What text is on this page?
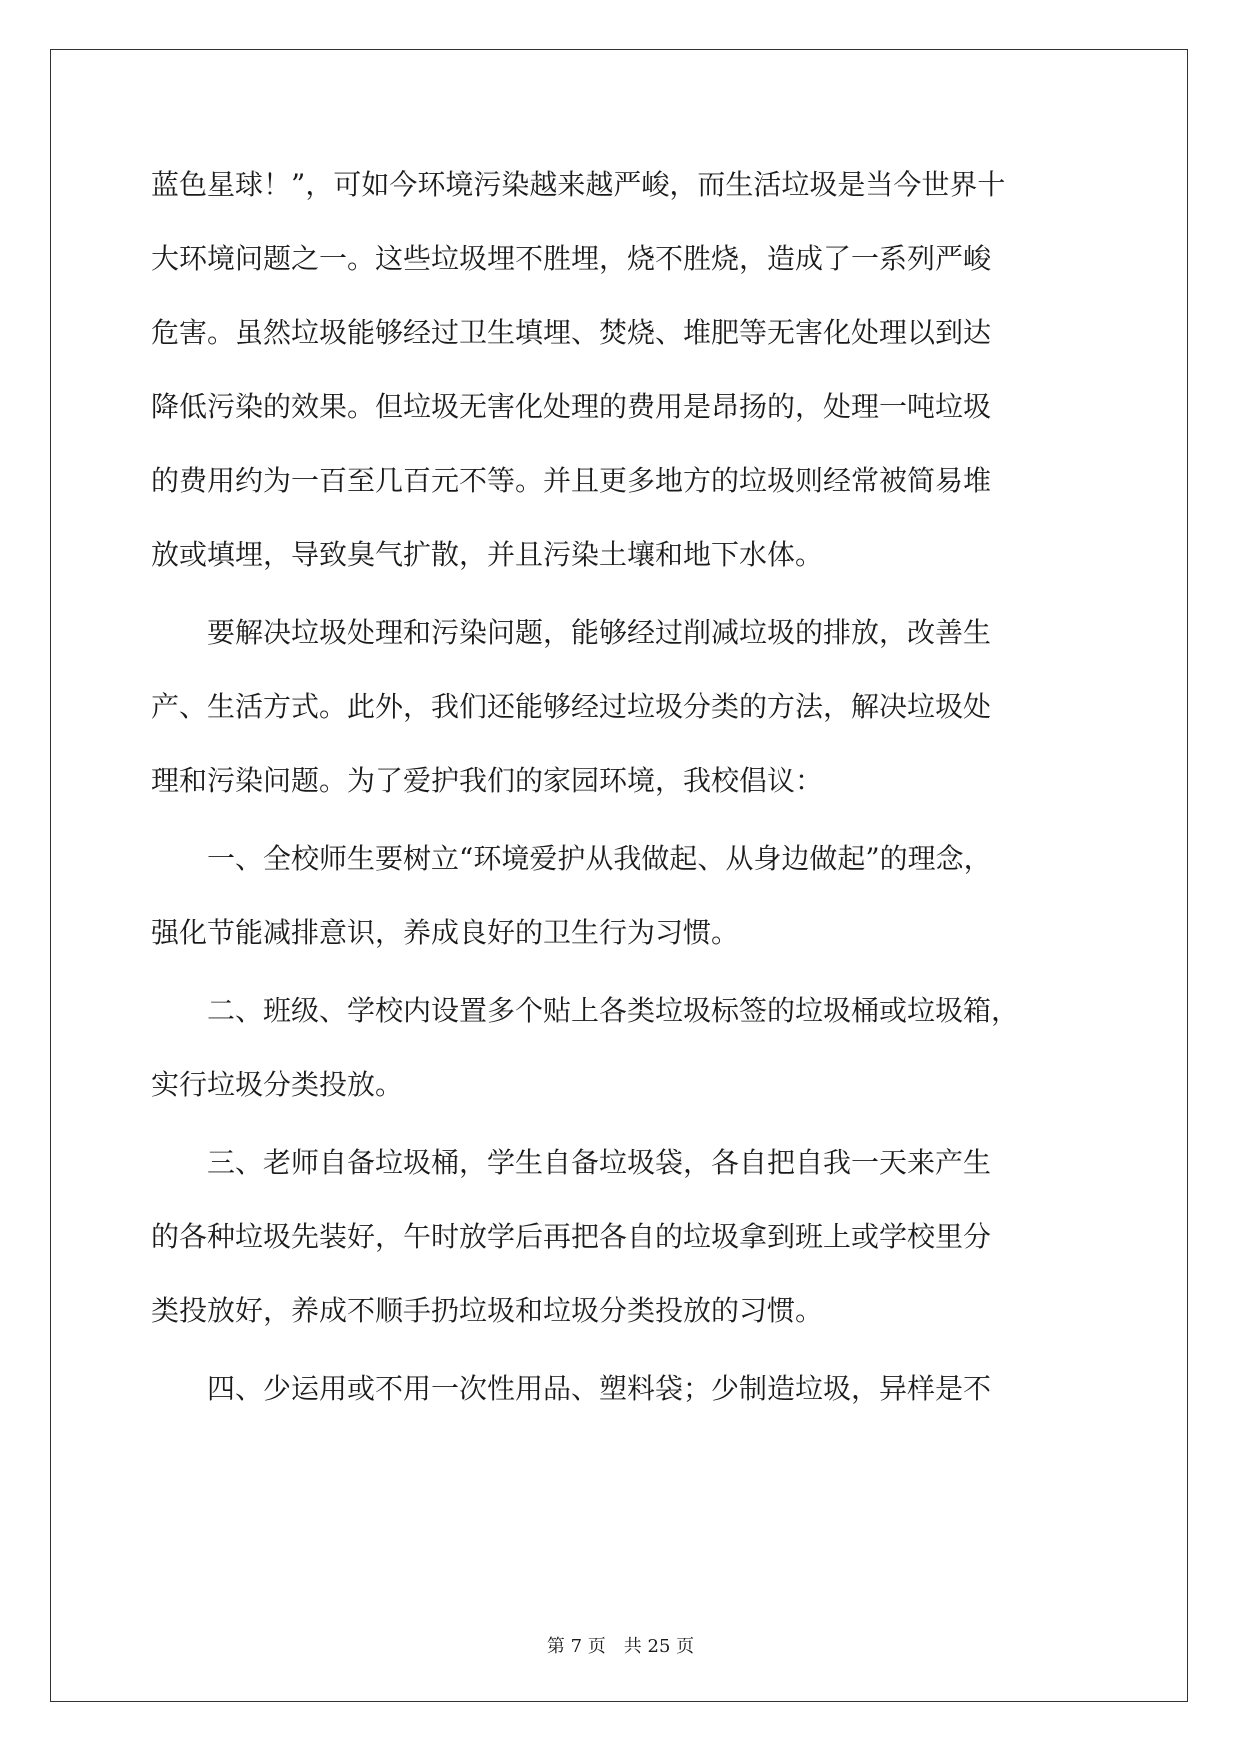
蓝色星球！”，可如今环境污染越来越严峻，而生活垃圾是当今世界十
大环境问题之一。这些垃圾埋不胜埋，烧不胜烧，造成了一系列严峻
危害。虽然垃圾能够经过卫生填埋、焚烧、堆肥等无害化处理以到达
降低污染的效果。但垃圾无害化处理的费用是昂扬的，处理一吨垃圾
的费用约为一百至几百元不等。并且更多地方的垃圾则经常被简易堆
放或填埋，导致臭气扩散，并且污染土壤和地下水体。
要解决垃圾处理和污染问题，能够经过削减垃圾的排放，改善生
产、生活方式。此外，我们还能够经过垃圾分类的方法，解决垃圾处
理和污染问题。为了爱护我们的家园环境，我校倡议：
一、全校师生要树立“环境爱护从我做起、从身边做起”的理念，
强化节能减排意识，养成良好的卫生行为习惯。
二、班级、学校内设置多个贴上各类垃圾标签的垃圾桶或垃圾箱，
实行垃圾分类投放。
三、老师自备垃圾桶，学生自备垃圾袋，各自把自我一天来产生
的各种垃圾先装好，午时放学后再把各自的垃圾拿到班上或学校里分
类投放好，养成不顺手扔垃圾和垃圾分类投放的习惯。
四、少运用或不用一次性用品、塑料袋；少制造垃圾，异样是不
第 7 页　共 25 页
